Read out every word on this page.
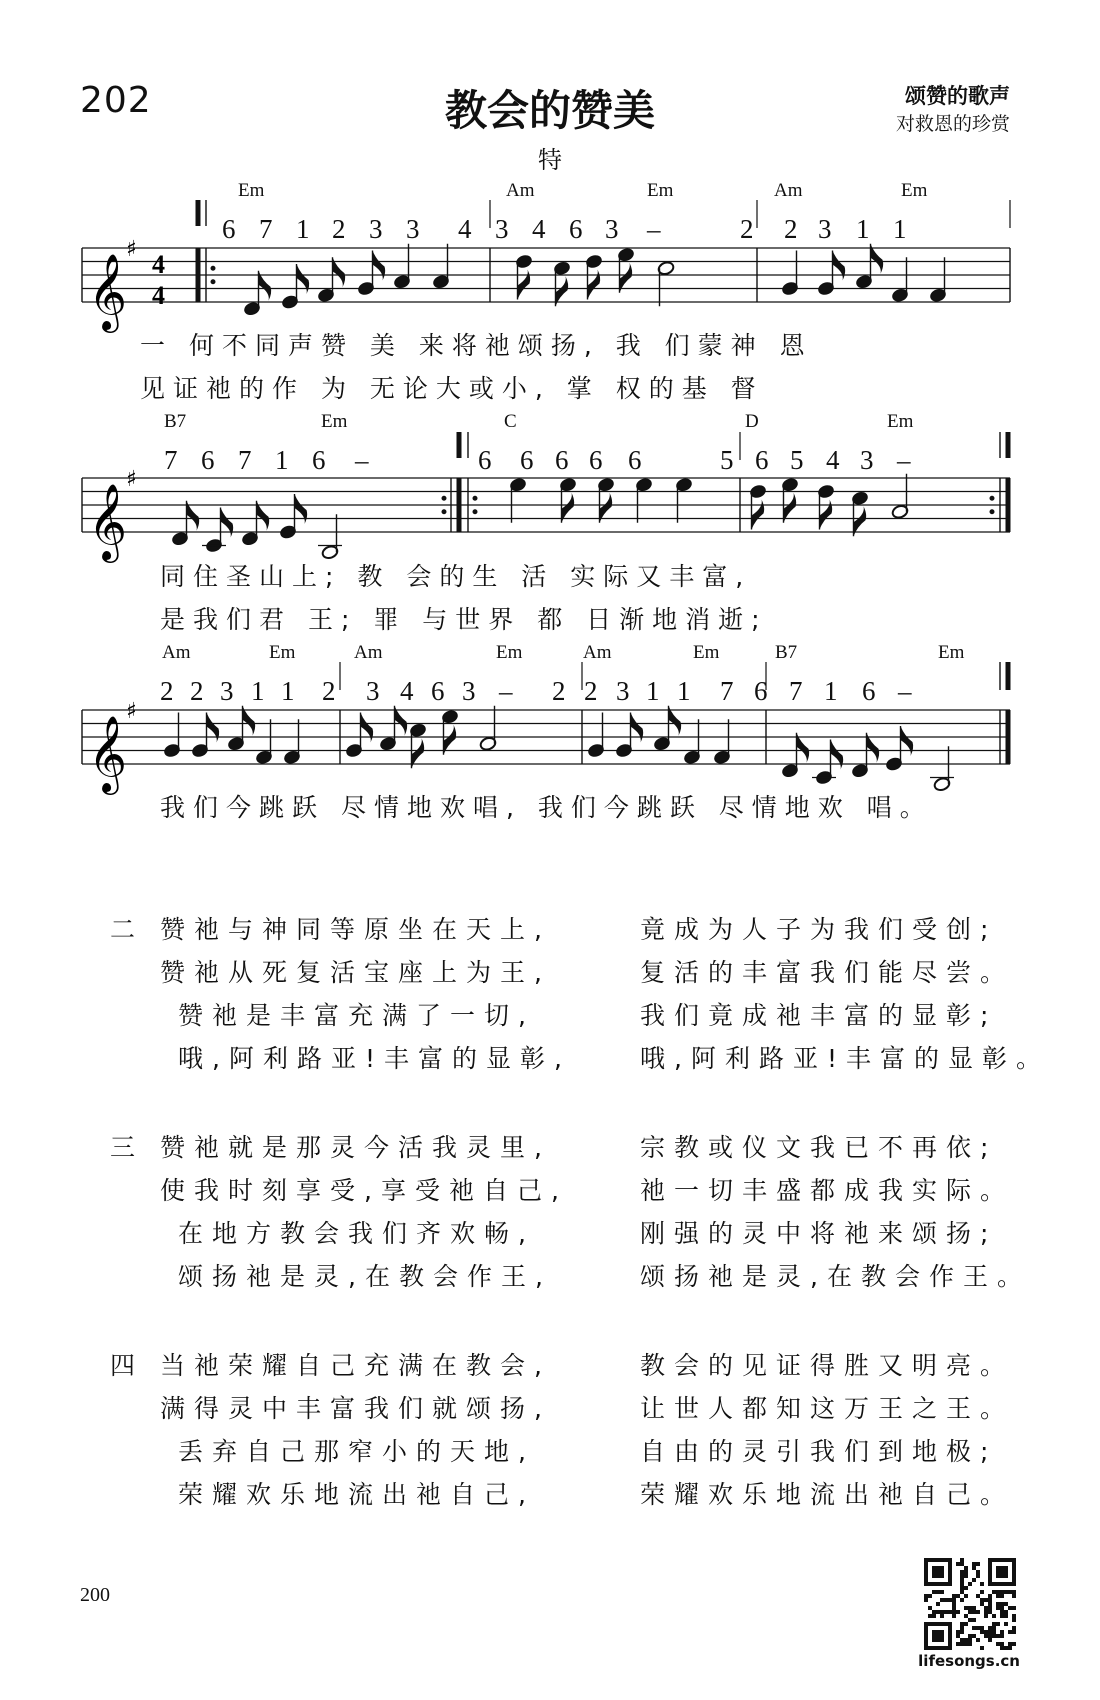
202	教会的赞美
特
颂赞的歌声
对救恩的珍赏
Em	Am	Em	Am	Em
B7	Em	C	D	Em
Am	Em	Am	Em	Am	Em	B7	Em
6 7 1 2 3 3 4 3 4 6 3 –	2 2 3 1 1
7 6 7 1 6 –	6 6 6 6 6	5 6 5 4 3 –
2 2 3 1 1 2 3 4 6 3 – 2 2 3 1 1 7 6 7 1 6 –
𝄞
♯
4
4
𝄞
♯
𝄞
♯
一 何不同声赞 美 来将祂颂扬, 我 们蒙神 恩
见证祂的作 为 无论大或小, 掌 权的基 督
同住圣山上; 教 会的生 活 实际又丰富,
是我们君 王; 罪 与世界 都 日渐地消逝;
我们今跳跃 尽情地欢唱, 我们今跳跃 尽情地欢 唱。
二 赞祂与神同等原坐在天上,
赞祂从死复活宝座上为王,
赞祂是丰富充满了一切,
哦,阿利路亚!丰富的显彰,
竟成为人子为我们受创;
复活的丰富我们能尽尝。
我们竟成祂丰富的显彰;
哦,阿利路亚!丰富的显彰。
三 赞祂就是那灵今活我灵里,
使我时刻享受,享受祂自己,
在地方教会我们齐欢畅,
颂扬祂是灵,在教会作王,
宗教或仪文我已不再依;
祂一切丰盛都成我实际。
刚强的灵中将祂来颂扬;
颂扬祂是灵,在教会作王。
四 当祂荣耀自己充满在教会,
满得灵中丰富我们就颂扬,
丢弃自己那窄小的天地,
荣耀欢乐地流出祂自己,
教会的见证得胜又明亮。
让世人都知这万王之王。
自由的灵引我们到地极;
荣耀欢乐地流出祂自己。
200
lifesongs.cn
